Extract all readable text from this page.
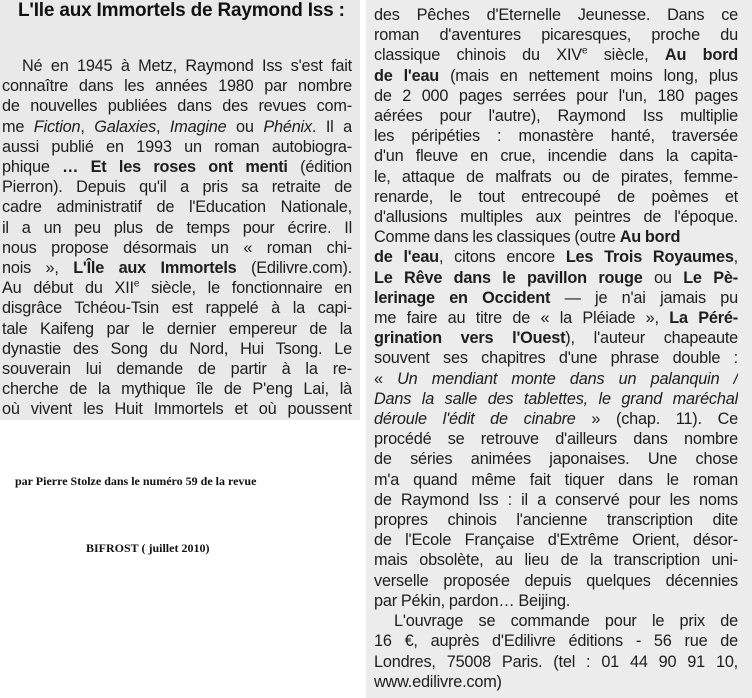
L'Ile aux Immortels de Raymond Iss :
Né en 1945 à Metz, Raymond Iss s'est fait
connaître dans les années 1980 par nombre
de nouvelles publiées dans des revues com-
me Fiction, Galaxies, Imagine ou Phénix. Il a
aussi publié en 1993 un roman autobiogra-
phique … Et les roses ont menti (édition
Pierron). Depuis qu'il a pris sa retraite de
cadre administratif de l'Education Nationale,
il a un peu plus de temps pour écrire. Il
nous propose désormais un « roman chi-
nois », L'Île aux Immortels (Edilivre.com).
Au début du XIIe siècle, le fonctionnaire en
disgrâce Tchéou-Tsin est rappelé à la capi-
tale Kaifeng par le dernier empereur de la
dynastie des Song du Nord, Hui Tsong. Le
souverain lui demande de partir à la re-
cherche de la mythique île de P'eng Lai, là
où vivent les Huit Immortels et où poussent
des Pêches d'Eternelle Jeunesse. Dans ce
roman d'aventures picaresques, proche du
classique chinois du XIVe siècle, Au bord
de l'eau (mais en nettement moins long, plus
de 2 000 pages serrées pour l'un, 180 pages
aérées pour l'autre), Raymond Iss multiplie
les péripéties : monastère hanté, traversée
d'un fleuve en crue, incendie dans la capita-
le, attaque de malfrats ou de pirates, femme-
renarde, le tout entrecoupé de poèmes et
d'allusions multiples aux peintres de l'époque.
Comme dans les classiques (outre Au bord
de l'eau, citons encore Les Trois Royaumes,
Le Rêve dans le pavillon rouge ou Le Pè-
lerinage en Occident — je n'ai jamais pu
me faire au titre de « la Pléiade », La Péré-
grination vers l'Ouest), l'auteur chapeaute
souvent ses chapitres d'une phrase double :
« Un mendiant monte dans un palanquin /
Dans la salle des tablettes, le grand maréchal
déroule l'édit de cinabre » (chap. 11). Ce
procédé se retrouve d'ailleurs dans nombre
de séries animées japonaises. Une chose
m'a quand même fait tiquer dans le roman
de Raymond Iss : il a conservé pour les noms
propres chinois l'ancienne transcription dite
de l'Ecole Française d'Extrême Orient, désor-
mais obsolète, au lieu de la transcription uni-
verselle proposée depuis quelques décennies
par Pékin, pardon… Beijing.
L'ouvrage se commande pour le prix de
16 €, auprès d'Edilivre éditions - 56 rue de
Londres, 75008 Paris. (tel : 01 44 90 91 10,
www.edilivre.com)

par Pierre Stolze dans le numéro 59 de la revue

BIFROST ( juillet 2010)
